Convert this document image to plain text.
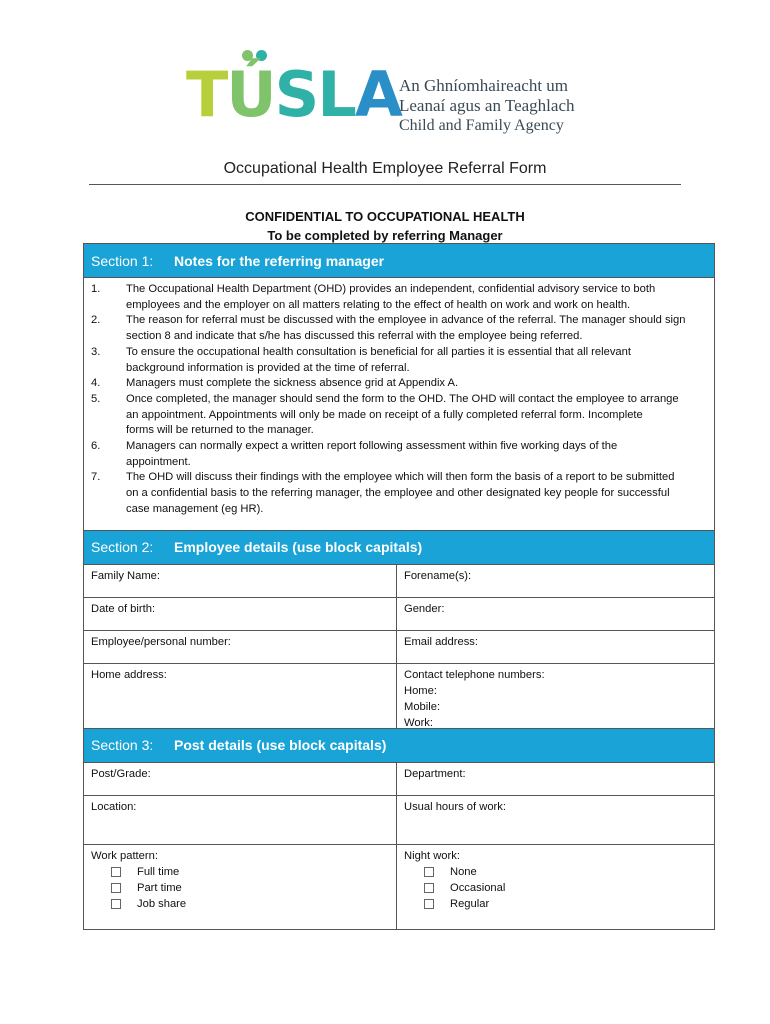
TÚSLA
An Ghníomhaireacht um
Leanaí agus an Teaghlach
Child and Family Agency
Occupational Health Employee Referral Form
CONFIDENTIAL TO OCCUPATIONAL HEALTH
To be completed by referring Manager
Section 1:	Notes for the referring manager
1.	The Occupational Health Department (OHD) provides an independent, confidential advisory service to both
employees and the employer on all matters relating to the effect of health on work and work on health.
2.	The reason for referral must be discussed with the employee in advance of the referral. The manager should sign
section 8 and indicate that s/he has discussed this referral with the employee being referred.
3.	To ensure the occupational health consultation is beneficial for all parties it is essential that all relevant
background information is provided at the time of referral.
4.	Managers must complete the sickness absence grid at Appendix A.
5.	Once completed, the manager should send the form to the OHD. The OHD will contact the employee to arrange
an appointment. Appointments will only be made on receipt of a fully completed referral form. Incomplete
forms will be returned to the manager.
6.	Managers can normally expect a written report following assessment within five working days of the
appointment.
7.	The OHD will discuss their findings with the employee which will then form the basis of a report to be submitted
on a confidential basis to the referring manager, the employee and other designated key people for successful
case management (eg HR).
Section 2:	Employee details (use block capitals)
Family Name:	Forename(s):
Date of birth:	Gender:
Employee/personal number:	Email address:
Home address:	Contact telephone numbers:
Home:
Mobile:
Work:
Section 3:	Post details (use block capitals)
Post/Grade:	Department:
Location:	Usual hours of work:
Work pattern:
Full time
Part time
Job share
Night work:
None
Occasional
Regular
